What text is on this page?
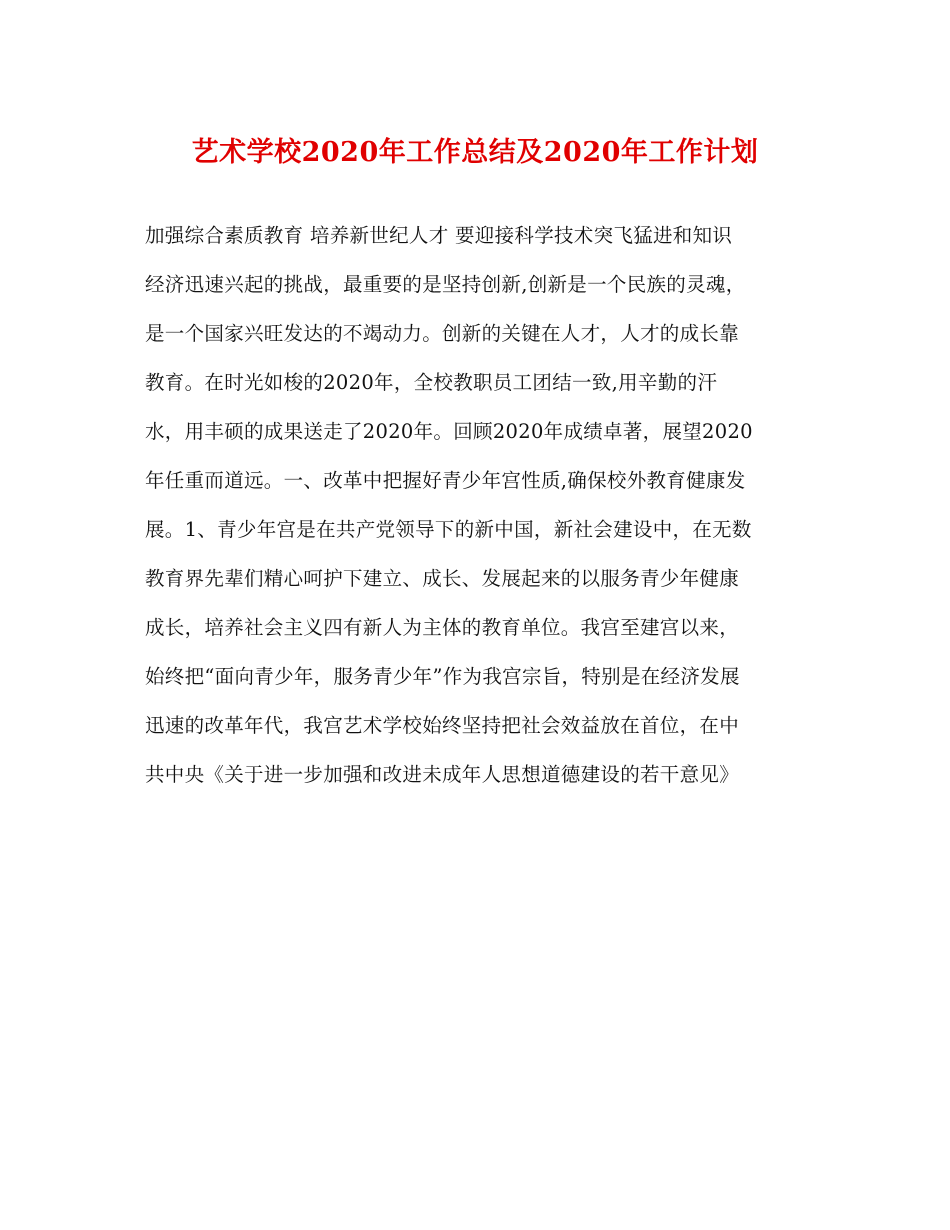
艺术学校2020年工作总结及2020年工作计划
加强综合素质教育 培养新世纪人才 要迎接科学技术突飞猛进和知识
经济迅速兴起的挑战，最重要的是坚持创新,创新是一个民族的灵魂，
是一个国家兴旺发达的不竭动力。创新的关键在人才，人才的成长靠
教育。在时光如梭的2020年，全校教职员工团结一致,用辛勤的汗
水，用丰硕的成果送走了2020年。回顾2020年成绩卓著，展望2020
年任重而道远。一、改革中把握好青少年宫性质,确保校外教育健康发
展。1、青少年宫是在共产党领导下的新中国，新社会建设中，在无数
教育界先辈们精心呵护下建立、成长、发展起来的以服务青少年健康
成长，培养社会主义四有新人为主体的教育单位。我宫至建宫以来，
始终把“面向青少年，服务青少年”作为我宫宗旨，特别是在经济发展
迅速的改革年代，我宫艺术学校始终坚持把社会效益放在首位，在中
共中央《关于进一步加强和改进未成年人思想道德建设的若干意见》
